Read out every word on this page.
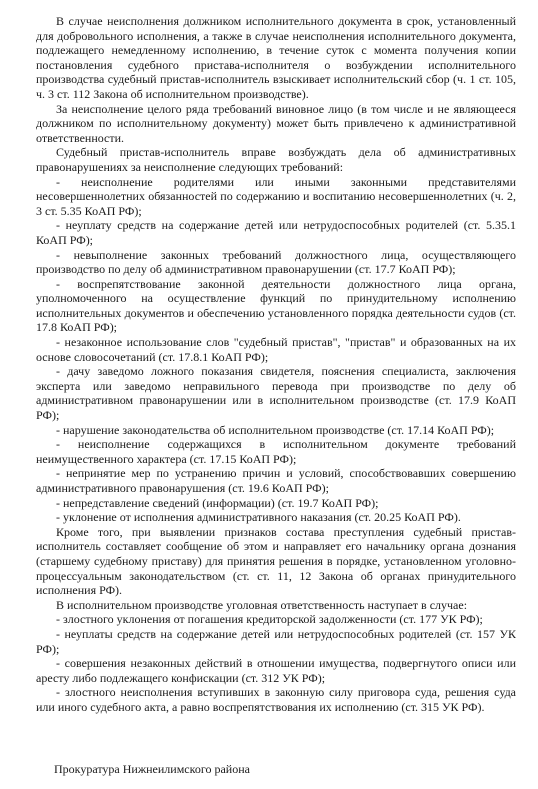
В случае неисполнения должником исполнительного документа в срок, установленный для добровольного исполнения, а также в случае неисполнения исполнительного документа, подлежащего немедленному исполнению, в течение суток с момента получения копии постановления судебного пристава-исполнителя о возбуждении исполнительного производства судебный пристав-исполнитель взыскивает исполнительский сбор (ч. 1 ст. 105, ч. 3 ст. 112 Закона об исполнительном производстве).

За неисполнение целого ряда требований виновное лицо (в том числе и не являющееся должником по исполнительному документу) может быть привлечено к административной ответственности.

Судебный пристав-исполнитель вправе возбуждать дела об административных правонарушениях за неисполнение следующих требований:

- неисполнение родителями или иными законными представителями несовершеннолетних обязанностей по содержанию и воспитанию несовершеннолетних (ч. 2, 3 ст. 5.35 КоАП РФ);

- неуплату средств на содержание детей или нетрудоспособных родителей (ст. 5.35.1 КоАП РФ);

- невыполнение законных требований должностного лица, осуществляющего производство по делу об административном правонарушении (ст. 17.7 КоАП РФ);

- воспрепятствование законной деятельности должностного лица органа, уполномоченного на осуществление функций по принудительному исполнению исполнительных документов и обеспечению установленного порядка деятельности судов (ст. 17.8 КоАП РФ);

- незаконное использование слов "судебный пристав", "пристав" и образованных на их основе словосочетаний (ст. 17.8.1 КоАП РФ);

- дачу заведомо ложного показания свидетеля, пояснения специалиста, заключения эксперта или заведомо неправильного перевода при производстве по делу об административном правонарушении или в исполнительном производстве (ст. 17.9 КоАП РФ);

- нарушение законодательства об исполнительном производстве (ст. 17.14 КоАП РФ);

- неисполнение содержащихся в исполнительном документе требований неимущественного характера (ст. 17.15 КоАП РФ);

- непринятие мер по устранению причин и условий, способствовавших совершению административного правонарушения (ст. 19.6 КоАП РФ);

- непредставление сведений (информации) (ст. 19.7 КоАП РФ);

- уклонение от исполнения административного наказания (ст. 20.25 КоАП РФ).

Кроме того, при выявлении признаков состава преступления судебный пристав-исполнитель составляет сообщение об этом и направляет его начальнику органа дознания (старшему судебному приставу) для принятия решения в порядке, установленном уголовно-процессуальным законодательством (ст. ст. 11, 12 Закона об органах принудительного исполнения РФ).

В исполнительном производстве уголовная ответственность наступает в случае:

- злостного уклонения от погашения кредиторской задолженности (ст. 177 УК РФ);

- неуплаты средств на содержание детей или нетрудоспособных родителей (ст. 157 УК РФ);

- совершения незаконных действий в отношении имущества, подвергнутого описи или аресту либо подлежащего конфискации (ст. 312 УК РФ);

- злостного неисполнения вступивших в законную силу приговора суда, решения суда или иного судебного акта, а равно воспрепятствования их исполнению (ст. 315 УК РФ).

Прокуратура Нижнеилимского района
